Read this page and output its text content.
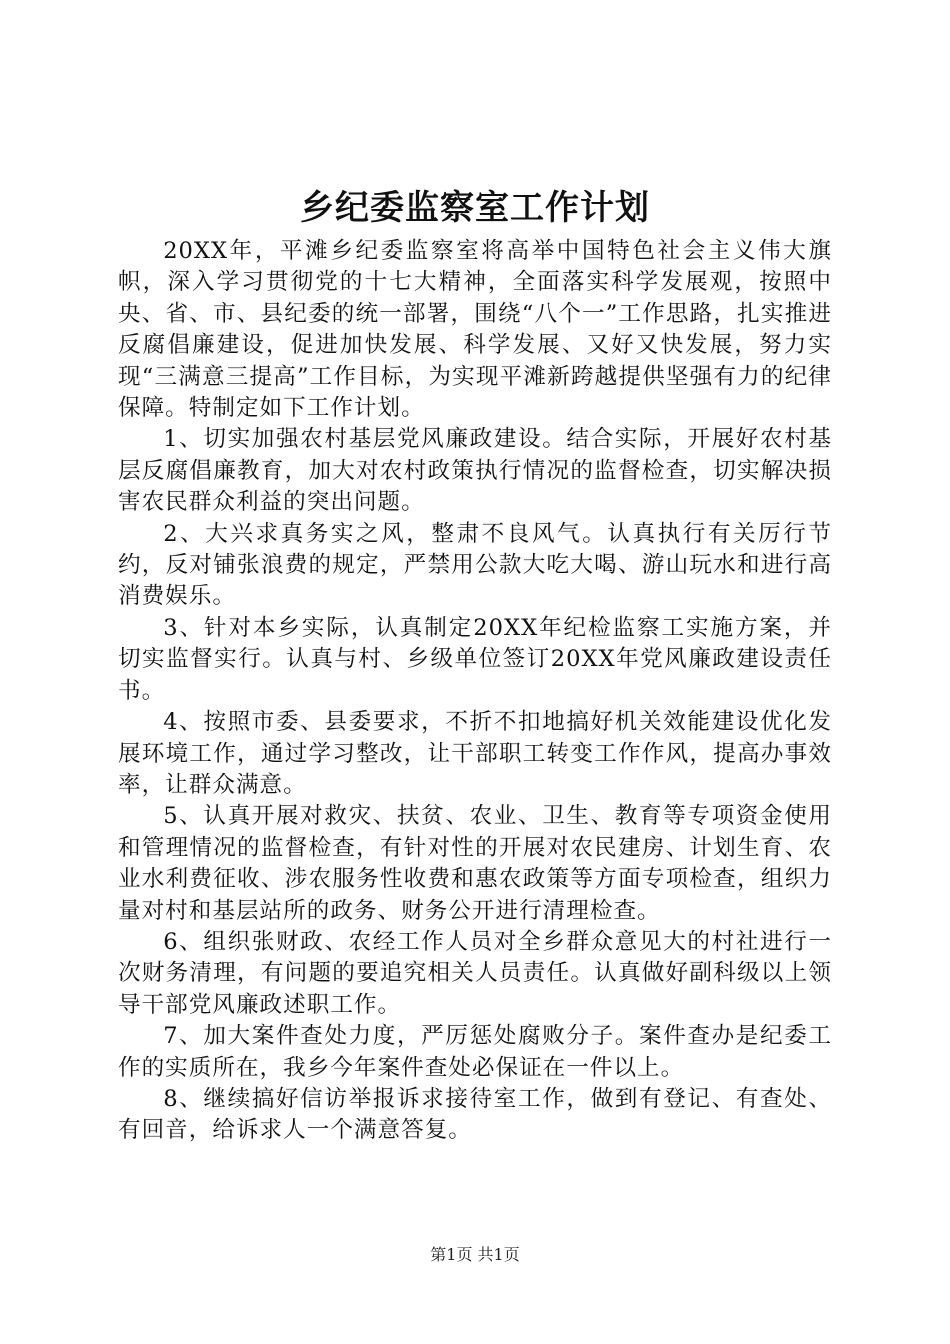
乡纪委监察室工作计划

20XX年，平滩乡纪委监察室将高举中国特色社会主义伟大旗帜，深入学习贯彻党的十七大精神，全面落实科学发展观，按照中央、省、市、县纪委的统一部署，围绕“八个一”工作思路，扎实推进反腐倡廉建设，促进加快发展、科学发展、又好又快发展，努力实现“三满意三提高”工作目标，为实现平滩新跨越提供坚强有力的纪律保障。特制定如下工作计划。

1、切实加强农村基层党风廉政建设。结合实际，开展好农村基层反腐倡廉教育，加大对农村政策执行情况的监督检查，切实解决损害农民群众利益的突出问题。

2、大兴求真务实之风，整肃不良风气。认真执行有关厉行节约，反对铺张浪费的规定，严禁用公款大吃大喝、游山玩水和进行高消费娱乐。

3、针对本乡实际，认真制定20XX年纪检监察工实施方案，并切实监督实行。认真与村、乡级单位签订20XX年党风廉政建设责任书。

4、按照市委、县委要求，不折不扣地搞好机关效能建设优化发展环境工作，通过学习整改，让干部职工转变工作作风，提高办事效率，让群众满意。

5、认真开展对救灾、扶贫、农业、卫生、教育等专项资金使用和管理情况的监督检查，有针对性的开展对农民建房、计划生育、农业水利费征收、涉农服务性收费和惠农政策等方面专项检查，组织力量对村和基层站所的政务、财务公开进行清理检查。

6、组织张财政、农经工作人员对全乡群众意见大的村社进行一次财务清理，有问题的要追究相关人员责任。认真做好副科级以上领导干部党风廉政述职工作。

7、加大案件查处力度，严厉惩处腐败分子。案件查办是纪委工作的实质所在，我乡今年案件查处必保证在一件以上。

8、继续搞好信访举报诉求接待室工作，做到有登记、有查处、有回音，给诉求人一个满意答复。

第1页 共1页
